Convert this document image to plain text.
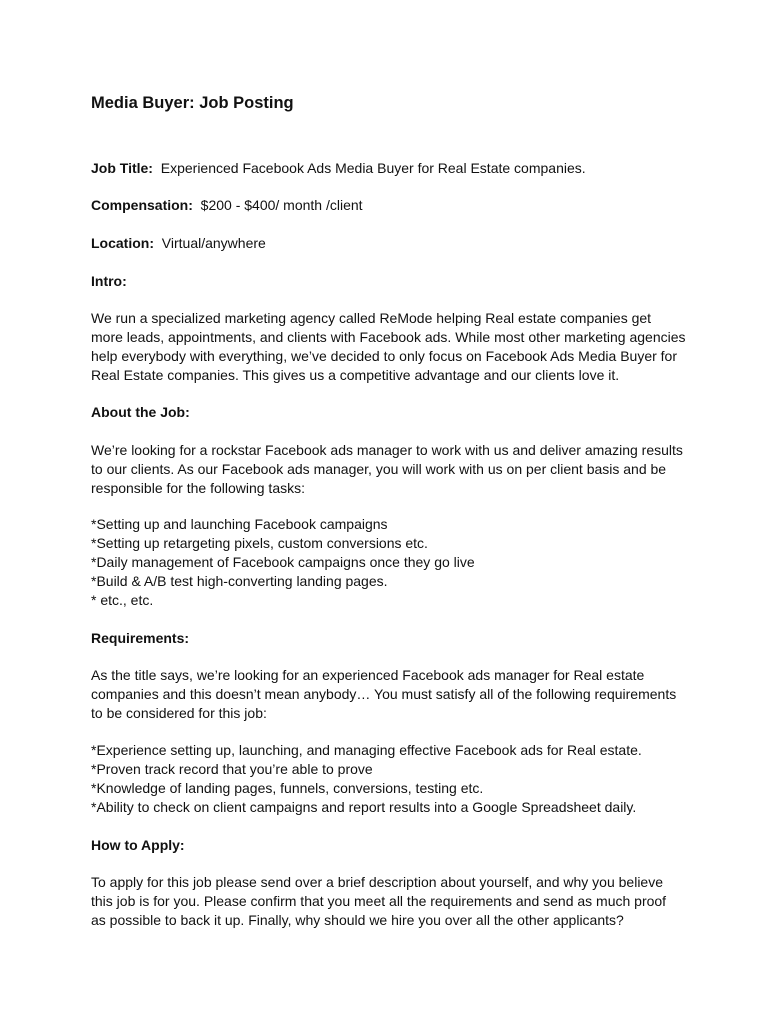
Media Buyer: Job Posting

Job Title: Experienced Facebook Ads Media Buyer for Real Estate companies.

Compensation: $200 - $400/ month /client

Location: Virtual/anywhere

Intro:

We run a specialized marketing agency called ReMode helping Real estate companies get
more leads, appointments, and clients with Facebook ads. While most other marketing agencies
help everybody with everything, we’ve decided to only focus on Facebook Ads Media Buyer for
Real Estate companies. This gives us a competitive advantage and our clients love it.

About the Job:

We’re looking for a rockstar Facebook ads manager to work with us and deliver amazing results
to our clients. As our Facebook ads manager, you will work with us on per client basis and be
responsible for the following tasks:

*Setting up and launching Facebook campaigns
*Setting up retargeting pixels, custom conversions etc.
*Daily management of Facebook campaigns once they go live
*Build & A/B test high-converting landing pages.
* etc., etc.

Requirements:

As the title says, we’re looking for an experienced Facebook ads manager for Real estate
companies and this doesn’t mean anybody… You must satisfy all of the following requirements
to be considered for this job:

*Experience setting up, launching, and managing effective Facebook ads for Real estate.
*Proven track record that you’re able to prove
*Knowledge of landing pages, funnels, conversions, testing etc.
*Ability to check on client campaigns and report results into a Google Spreadsheet daily.

How to Apply:

To apply for this job please send over a brief description about yourself, and why you believe
this job is for you. Please confirm that you meet all the requirements and send as much proof
as possible to back it up. Finally, why should we hire you over all the other applicants?
